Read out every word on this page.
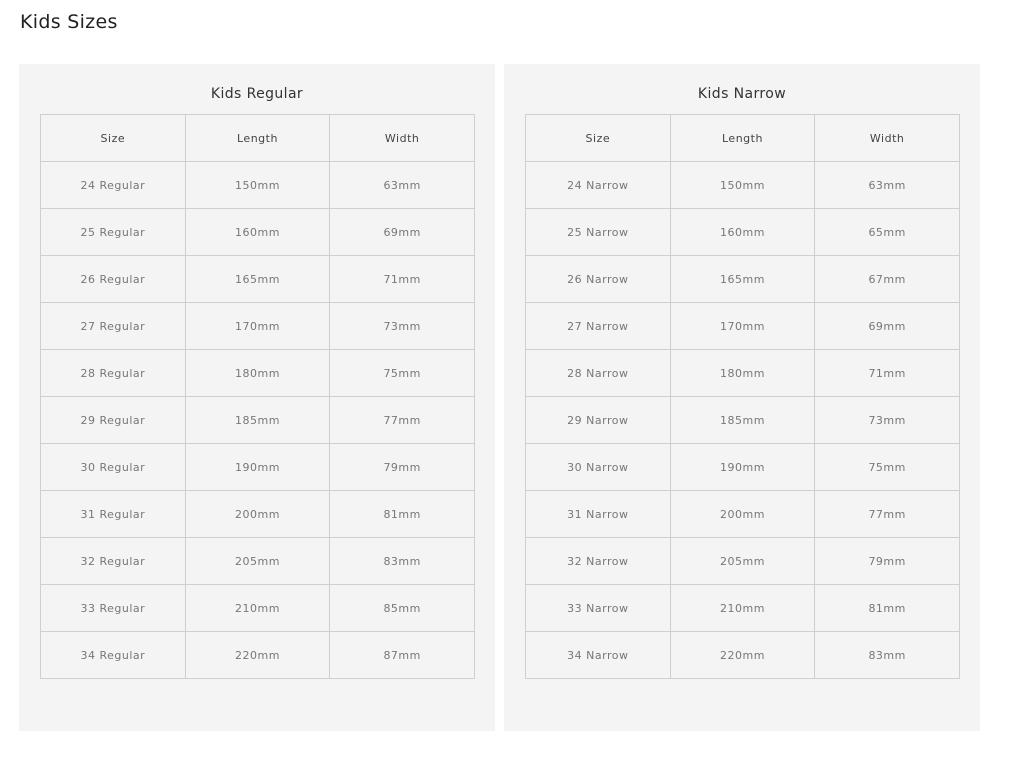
Kids Sizes
Kids Regular
Size	Length	Width
24 Regular	150mm	63mm
25 Regular	160mm	69mm
26 Regular	165mm	71mm
27 Regular	170mm	73mm
28 Regular	180mm	75mm
29 Regular	185mm	77mm
30 Regular	190mm	79mm
31 Regular	200mm	81mm
32 Regular	205mm	83mm
33 Regular	210mm	85mm
34 Regular	220mm	87mm
Kids Narrow
Size	Length	Width
24 Narrow	150mm	63mm
25 Narrow	160mm	65mm
26 Narrow	165mm	67mm
27 Narrow	170mm	69mm
28 Narrow	180mm	71mm
29 Narrow	185mm	73mm
30 Narrow	190mm	75mm
31 Narrow	200mm	77mm
32 Narrow	205mm	79mm
33 Narrow	210mm	81mm
34 Narrow	220mm	83mm
